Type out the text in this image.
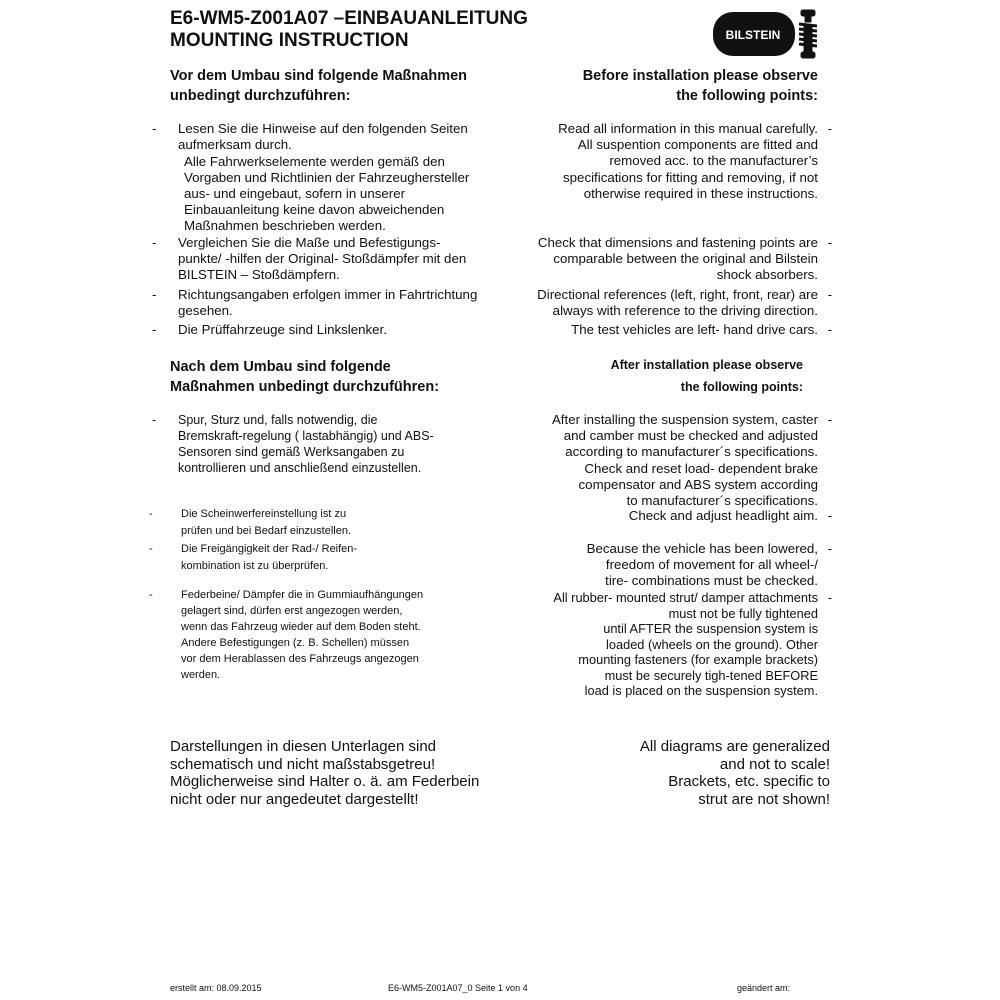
E6-WM5-Z001A07 –EINBAUANLEITUNG
MOUNTING INSTRUCTION	BILSTEIN

Vor dem Umbau sind folgende Maßnahmen
unbedingt durchzuführen:

Before installation please observe
the following points:

- Lesen Sie die Hinweise auf den folgenden Seiten
aufmerksam durch.

Alle Fahrwerkselemente werden gemäß den
Vorgaben und Richtlinien der Fahrzeughersteller
aus- und eingebaut, sofern in unserer
Einbauanleitung keine davon abweichenden
Maßnahmen beschrieben werden.

- Vergleichen Sie die Maße und Befestigungs-
punkte/ -hilfen der Original- Stoßdämpfer mit den
BILSTEIN – Stoßdämpfern.

- Richtungsangaben erfolgen immer in Fahrtrichtung
gesehen.

- Die Prüffahrzeuge sind Linkslenker.

Read all information in this manual carefully. -
All suspention components are fitted and
removed acc. to the manufacturer’s
specifications for fitting and removing, if not
otherwise required in these instructions.

Check that dimensions and fastening points are -
comparable between the original and Bilstein
shock absorbers.

Directional references (left, right, front, rear) are -
always with reference to the driving direction.

The test vehicles are left- hand drive cars. -

Nach dem Umbau sind folgende
Maßnahmen unbedingt durchzuführen:

After installation please observe
the following points:

- Spur, Sturz und, falls notwendig, die
Bremskraft-regelung ( lastabhängig) und ABS-
Sensoren sind gemäß Werksangaben zu
kontrollieren und anschließend einzustellen.

-	Die Scheinwerfereinstellung ist zu
prüfen und bei Bedarf einzustellen.

-	Die Freigängigkeit der Rad-/ Reifen-
kombination ist zu überprüfen.

-	Federbeine/ Dämpfer die in Gummiaufhängungen
gelagert sind, dürfen erst angezogen werden,
wenn das Fahrzeug wieder auf dem Boden steht.
Andere Befestigungen (z. B. Schellen) müssen
vor dem Herablassen des Fahrzeugs angezogen
werden.

After installing the suspension system, caster -
and camber must be checked and adjusted
according to manufacturer´s specifications.
Check and reset load- dependent brake
compensator and ABS system according
to manufacturer´s specifications.

Check and adjust headlight aim. -

Because the vehicle has been lowered, -
freedom of movement for all wheel-/
tire- combinations must be checked.

All rubber- mounted strut/ damper attachments -
must not be fully tightened
until AFTER the suspension system is
loaded (wheels on the ground). Other
mounting fasteners (for example brackets)
must be securely tigh-tened BEFORE
load is placed on the suspension system.

Darstellungen in diesen Unterlagen sind
schematisch und nicht maßstabsgetreu!
Möglicherweise sind Halter o. ä. am Federbein
nicht oder nur angedeutet dargestellt!

All diagrams are generalized
and not to scale!
Brackets, etc. specific to
strut are not shown!

erstellt am: 08.09.2015	E6-WM5-Z001A07_0 Seite 1 von 4	geändert am:
